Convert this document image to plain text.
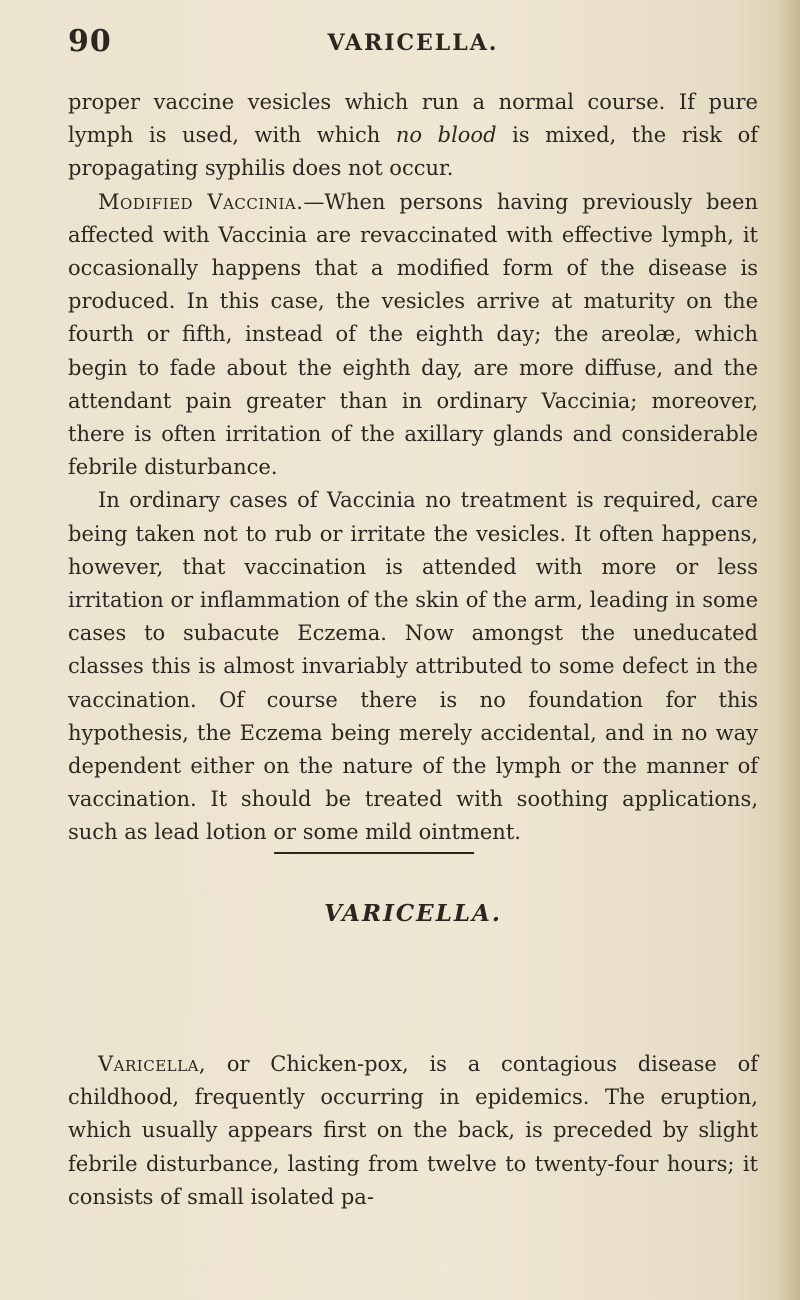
90	VARICELLA.

proper vaccine vesicles which run a normal course. If pure lymph is used, with which no blood is mixed, the risk of propagating syphilis does not occur.

Modified Vaccinia.—When persons having previously been affected with Vaccinia are revaccinated with effective lymph, it occasionally happens that a modified form of the disease is produced. In this case, the vesicles arrive at maturity on the fourth or fifth, instead of the eighth day; the areolæ, which begin to fade about the eighth day, are more diffuse, and the attendant pain greater than in ordinary Vaccinia; moreover, there is often irritation of the axillary glands and considerable febrile disturbance.

In ordinary cases of Vaccinia no treatment is required, care being taken not to rub or irritate the vesicles. It often happens, however, that vaccination is attended with more or less irritation or inflammation of the skin of the arm, leading in some cases to subacute Eczema. Now amongst the uneducated classes this is almost invariably attributed to some defect in the vaccination. Of course there is no foundation for this hypothesis, the Eczema being merely accidental, and in no way dependent either on the nature of the lymph or the manner of vaccination. It should be treated with soothing applications, such as lead lotion or some mild ointment.

VARICELLA.

Varicella, or Chicken-pox, is a contagious disease of childhood, frequently occurring in epidemics. The eruption, which usually appears first on the back, is preceded by slight febrile disturbance, lasting from twelve to twenty-four hours; it consists of small isolated pa-
